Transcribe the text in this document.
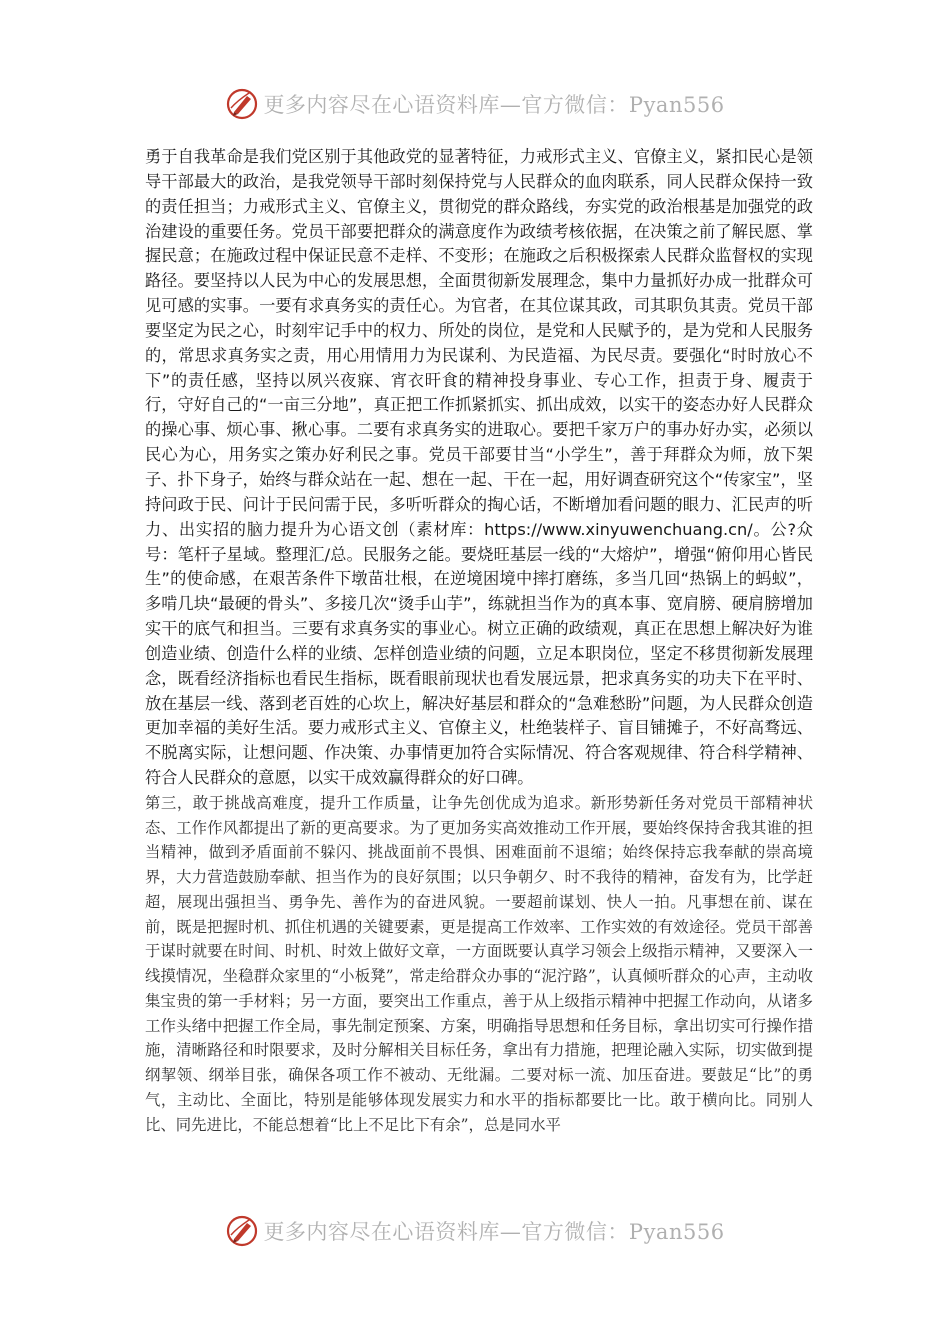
更多内容尽在心语资料库—官方微信：Pyan556

勇于自我革命是我们党区别于其他政党的显著特征，力戒形式主义、官僚主义，紧扣民心是领导干部最大的政治，是我党领导干部时刻保持党与人民群众的血肉联系，同人民群众保持一致的责任担当；力戒形式主义、官僚主义，贯彻党的群众路线，夯实党的政治根基是加强党的政治建设的重要任务。党员干部要把群众的满意度作为政绩考核依据，在决策之前了解民愿、掌握民意；在施政过程中保证民意不走样、不变形；在施政之后积极探索人民群众监督权的实现路径。要坚持以人民为中心的发展思想，全面贯彻新发展理念，集中力量抓好办成一批群众可见可感的实事。一要有求真务实的责任心。为官者，在其位谋其政，司其职负其责。党员干部要坚定为民之心，时刻牢记手中的权力、所处的岗位，是党和人民赋予的，是为党和人民服务的，常思求真务实之责，用心用情用力为民谋利、为民造福、为民尽责。要强化“时时放心不下”的责任感，坚持以夙兴夜寐、宵衣旰食的精神投身事业、专心工作，担责于身、履责于行，守好自己的“一亩三分地”，真正把工作抓紧抓实、抓出成效，以实干的姿态办好人民群众的操心事、烦心事、揪心事。二要有求真务实的进取心。要把千家万户的事办好办实，必须以民心为心，用务实之策办好利民之事。党员干部要甘当“小学生”，善于拜群众为师，放下架子、扑下身子，始终与群众站在一起、想在一起、干在一起，用好调查研究这个“传家宝”，坚持问政于民、问计于民问需于民，多听听群众的掏心话，不断增加看问题的眼力、汇民声的听力、出实招的脑力提升为心语文创（素材库：https://www.xinyuwenchuang.cn/。公?众号：笔杆子星域。整理汇/总。民服务之能。要烧旺基层一线的“大熔炉”，增强“俯仰用心皆民生”的使命感，在艰苦条件下墩苗壮根，在逆境困境中摔打磨练，多当几回“热锅上的蚂蚁”，多啃几块“最硬的骨头”、多接几次“烫手山芋”，练就担当作为的真本事、宽肩膀、硬肩膀增加实干的底气和担当。三要有求真务实的事业心。树立正确的政绩观，真正在思想上解决好为谁创造业绩、创造什么样的业绩、怎样创造业绩的问题，立足本职岗位，坚定不移贯彻新发展理念，既看经济指标也看民生指标，既看眼前现状也看发展远景，把求真务实的功夫下在平时、放在基层一线、落到老百姓的心坎上，解决好基层和群众的“急难愁盼”问题，为人民群众创造更加幸福的美好生活。要力戒形式主义、官僚主义，杜绝装样子、盲目铺摊子，不好高骛远、不脱离实际，让想问题、作决策、办事情更加符合实际情况、符合客观规律、符合科学精神、符合人民群众的意愿，以实干成效赢得群众的好口碑。

第三，敢于挑战高难度，提升工作质量，让争先创优成为追求。新形势新任务对党员干部精神状态、工作作风都提出了新的更高要求。为了更加务实高效推动工作开展，要始终保持舍我其谁的担当精神，做到矛盾面前不躲闪、挑战面前不畏惧、困难面前不退缩；始终保持忘我奉献的崇高境界，大力营造鼓励奉献、担当作为的良好氛围；以只争朝夕、时不我待的精神，奋发有为，比学赶超，展现出强担当、勇争先、善作为的奋进风貌。一要超前谋划、快人一拍。凡事想在前、谋在前，既是把握时机、抓住机遇的关键要素，更是提高工作效率、工作实效的有效途径。党员干部善于谋时就要在时间、时机、时效上做好文章，一方面既要认真学习领会上级指示精神，又要深入一线摸情况，坐稳群众家里的“小板凳”，常走给群众办事的“泥泞路”，认真倾听群众的心声，主动收集宝贵的第一手材料；另一方面，要突出工作重点，善于从上级指示精神中把握工作动向，从诸多工作头绪中把握工作全局，事先制定预案、方案，明确指导思想和任务目标，拿出切实可行操作措施，清晰路径和时限要求，及时分解相关目标任务，拿出有力措施，把理论融入实际，切实做到提纲挈领、纲举目张，确保各项工作不被动、无纰漏。二要对标一流、加压奋进。要鼓足“比”的勇气，主动比、全面比，特别是能够体现发展实力和水平的指标都要比一比。敢于横向比。同别人比、同先进比，不能总想着“比上不足比下有余”，总是同水平

更多内容尽在心语资料库—官方微信：Pyan556
